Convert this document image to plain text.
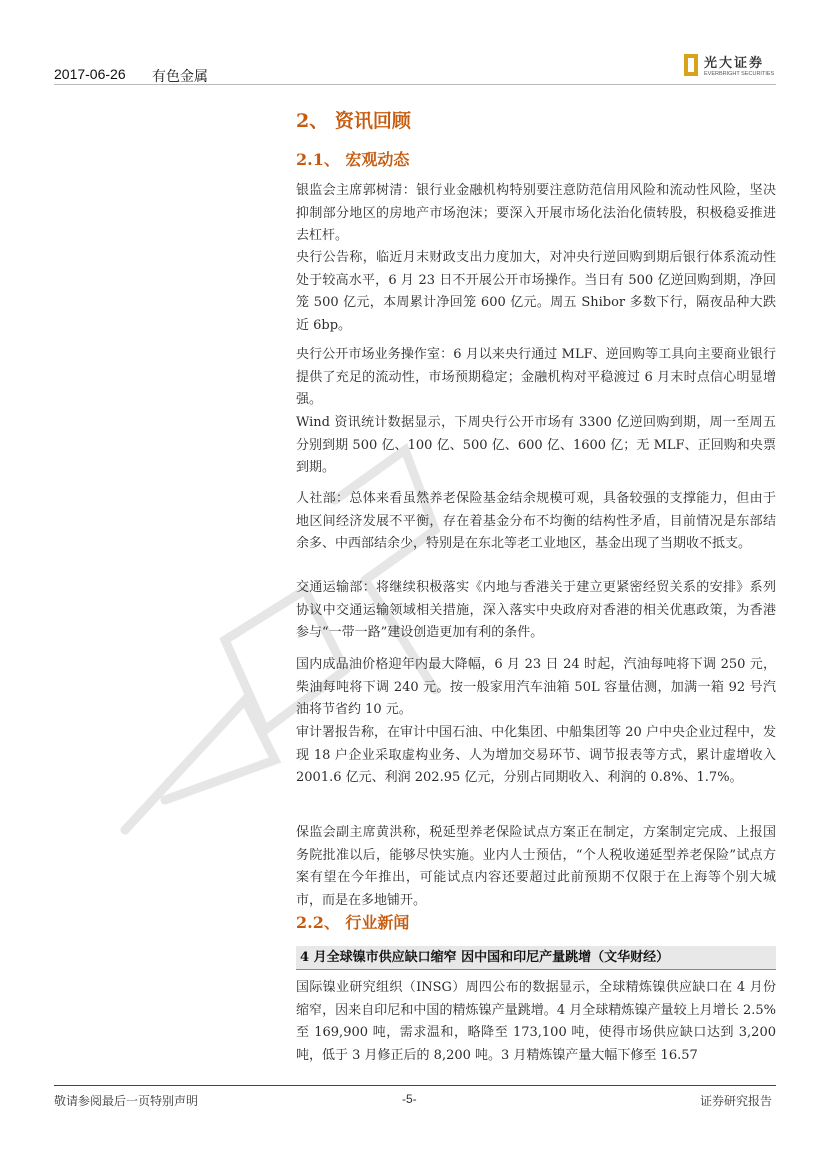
2017-06-26 有色金属
光大证券
EVERBRIGHT SECURITIES
2、 资讯回顾
2.1、 宏观动态

银监会主席郭树清：银行业金融机构特别要注意防范信用风险和流动性风险，坚决抑制部分地区的房地产市场泡沫；要深入开展市场化法治化债转股，积极稳妥推进去杠杆。

央行公告称，临近月末财政支出力度加大，对冲央行逆回购到期后银行体系流动性处于较高水平，6 月 23 日不开展公开市场操作。当日有 500 亿逆回购到期，净回笼 500 亿元，本周累计净回笼 600 亿元。周五 Shibor 多数下行，隔夜品种大跌近 6bp。

央行公开市场业务操作室：6 月以来央行通过 MLF、逆回购等工具向主要商业银行提供了充足的流动性，市场预期稳定；金融机构对平稳渡过 6 月末时点信心明显增强。

Wind 资讯统计数据显示，下周央行公开市场有 3300 亿逆回购到期，周一至周五分别到期 500 亿、100 亿、500 亿、600 亿、1600 亿；无 MLF、正回购和央票到期。

人社部：总体来看虽然养老保险基金结余规模可观，具备较强的支撑能力，但由于地区间经济发展不平衡，存在着基金分布不均衡的结构性矛盾，目前情况是东部结余多、中西部结余少，特别是在东北等老工业地区，基金出现了当期收不抵支。

交通运输部：将继续积极落实《内地与香港关于建立更紧密经贸关系的安排》系列协议中交通运输领域相关措施，深入落实中央政府对香港的相关优惠政策，为香港参与“一带一路”建设创造更加有利的条件。

国内成品油价格迎年内最大降幅，6 月 23 日 24 时起，汽油每吨将下调 250 元，柴油每吨将下调 240 元。按一般家用汽车油箱 50L 容量估测，加满一箱 92 号汽油将节省约 10 元。

审计署报告称，在审计中国石油、中化集团、中船集团等 20 户中央企业过程中，发现 18 户企业采取虚构业务、人为增加交易环节、调节报表等方式，累计虚增收入 2001.6 亿元、利润 202.95 亿元，分别占同期收入、利润的 0.8%、1.7%。

保监会副主席黄洪称，税延型养老保险试点方案正在制定，方案制定完成、上报国务院批准以后，能够尽快实施。业内人士预估，“个人税收递延型养老保险”试点方案有望在今年推出，可能试点内容还要超过此前预期不仅限于在上海等个别大城市，而是在多地铺开。

2.2、 行业新闻
4 月全球镍市供应缺口缩窄 因中国和印尼产量跳增（文华财经）

国际镍业研究组织（INSG）周四公布的数据显示，全球精炼镍供应缺口在 4 月份缩窄，因来自印尼和中国的精炼镍产量跳增。4 月全球精炼镍产量较上月增长 2.5% 至 169,900 吨，需求温和，略降至 173,100 吨，使得市场供应缺口达到 3,200 吨，低于 3 月修正后的 8,200 吨。3 月精炼镍产量大幅下修至 16.57

敬请参阅最后一页特别声明	-5-	证券研究报告
